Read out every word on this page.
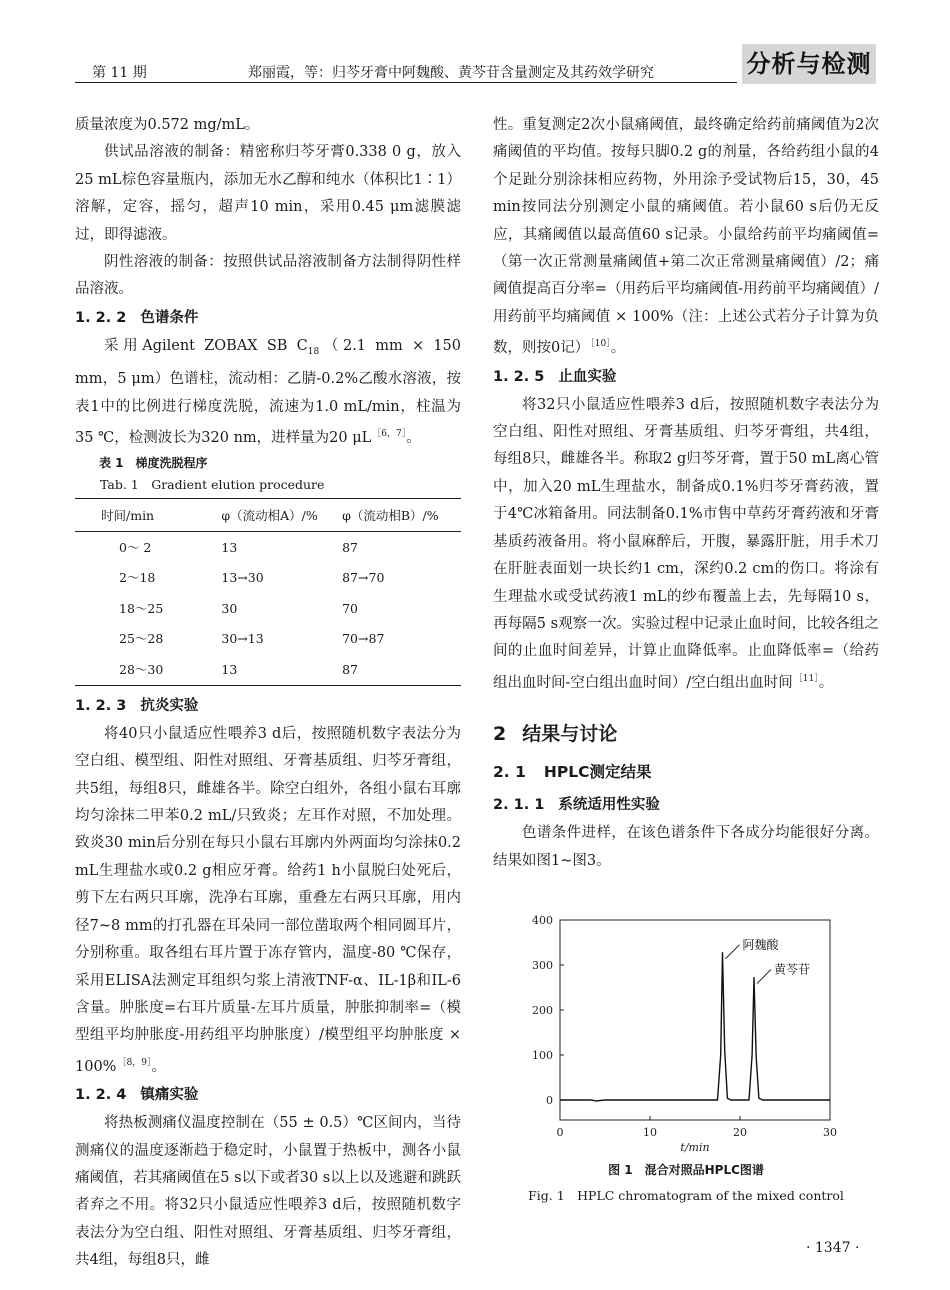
第 11 期	郑丽霞，等：归芩牙膏中阿魏酸、黄芩苷含量测定及其药效学研究	分析与检测

质量浓度为0.572 mg/mL。

供试品溶液的制备：精密称归芩牙膏0.338 0 g，放入25 mL棕色容量瓶内，添加无水乙醇和纯水（体积比1∶1）溶解，定容，摇匀，超声10 min，采用0.45 μm滤膜滤过，即得滤液。

阴性溶液的制备：按照供试品溶液制备方法制得阴性样品溶液。

1. 2. 2 色谱条件

采用Agilent ZOBAX SB $C_{18}(2.1$ mm × 150 mm，5 μm）色谱柱，流动相：乙腈-0.2%乙酸水溶液，按表1中的比例进行梯度洗脱，流速为1.0 mL/min，柱温为35 ℃，检测波长为320 nm，进样量为20 μL$^{[6,7]}$。

表 1　梯度洗脱程序

Tab. 1　Gradient elution procedure

时间/min	φ（流动相A）/%	φ（流动相B）/%
0～ 2	13	87
2～18	13→30	87→70
18～25	30	70
25～28	30→13	70→87
28～30	13	87
1. 2. 3 抗炎实验

将40只小鼠适应性喂养3 d后，按照随机数字表法分为空白组、模型组、阳性对照组、牙膏基质组、归芩牙膏组，共5组，每组8只，雌雄各半。除空白组外，各组小鼠右耳廓均匀涂抹二甲苯0.2 mL/只致炎；左耳作对照，不加处理。致炎30 min后分别在每只小鼠右耳廓内外两面均匀涂抹0.2 mL生理盐水或0.2 g相应牙膏。给药1 h小鼠脱臼处死后，剪下左右两只耳廓，洗净右耳廓，重叠左右两只耳廓，用内径7~8 mm的打孔器在耳朵同一部位凿取两个相同圆耳片，分别称重。取各组右耳片置于冻存管内，温度-80 ℃保存，采用ELISA法测定耳组织匀浆上清液TNF-α、IL-1β和IL-6含量。肿胀度=右耳片质量-左耳片质量，肿胀抑制率=（模型组平均肿胀度-用药组平均肿胀度）/模型组平均肿胀度 × 100%$^{[8,9]}$。

1. 2. 4 镇痛实验

将热板测痛仪温度控制在（55 ± 0.5）℃区间内，当待测痛仪的温度逐渐趋于稳定时，小鼠置于热板中，测各小鼠痛阈值，若其痛阈值在5 s以下或者30 s以上以及逃避和跳跃者弃之不用。将32只小鼠适应性喂养3 d后，按照随机数字表法分为空白组、阳性对照组、牙膏基质组、归芩牙膏组，共4组，每组8只，雌

性。重复测定2次小鼠痛阈值，最终确定给药前痛阈值为2次痛阈值的平均值。按每只脚0.2 g的剂量，各给药组小鼠的4个足趾分别涂抹相应药物，外用涂予受试物后15，30，45 min按同法分别测定小鼠的痛阈值。若小鼠60 s后仍无反应，其痛阈值以最高值60 s记录。小鼠给药前平均痛阈值=（第一次正常测量痛阈值+第二次正常测量痛阈值）/2；痛阈值提高百分率=（用药后平均痛阈值-用药前平均痛阈值）/用药前平均痛阈值 × 100%（注：上述公式若分子计算为负数，则按0记）$^{[10]}$。

1. 2. 5 止血实验

将32只小鼠适应性喂养3 d后，按照随机数字表法分为空白组、阳性对照组、牙膏基质组、归芩牙膏组，共4组，每组8只，雌雄各半。称取2 g归芩牙膏，置于50 mL离心管中，加入20 mL生理盐水，制备成0.1%归芩牙膏药液，置于4℃冰箱备用。同法制备0.1%市售中草药牙膏药液和牙膏基质药液备用。将小鼠麻醉后，开腹，暴露肝脏，用手术刀在肝脏表面划一块长约1 cm，深约0.2 cm的伤口。将涂有生理盐水或受试药液1 mL的纱布覆盖上去，先每隔10 s，再每隔5 s观察一次。实验过程中记录止血时间，比较各组之间的止血时间差异，计算止血降低率。止血降低率=（给药组出血时间-空白组出血时间）/空白组出血时间$^{[11]}$。

2 结果与讨论
2. 1 HPLC测定结果
2. 1. 1 系统适用性实验

色谱条件进样，在该色谱条件下各成分均能很好分离。结果如图1~图3。

0
100
200
300
400
0	10	20	30
t/min
阿魏酸
黄芩苷
图 1　混合对照品HPLC图谱
Fig. 1　HPLC chromatogram of the mixed control
· 1347 ·
